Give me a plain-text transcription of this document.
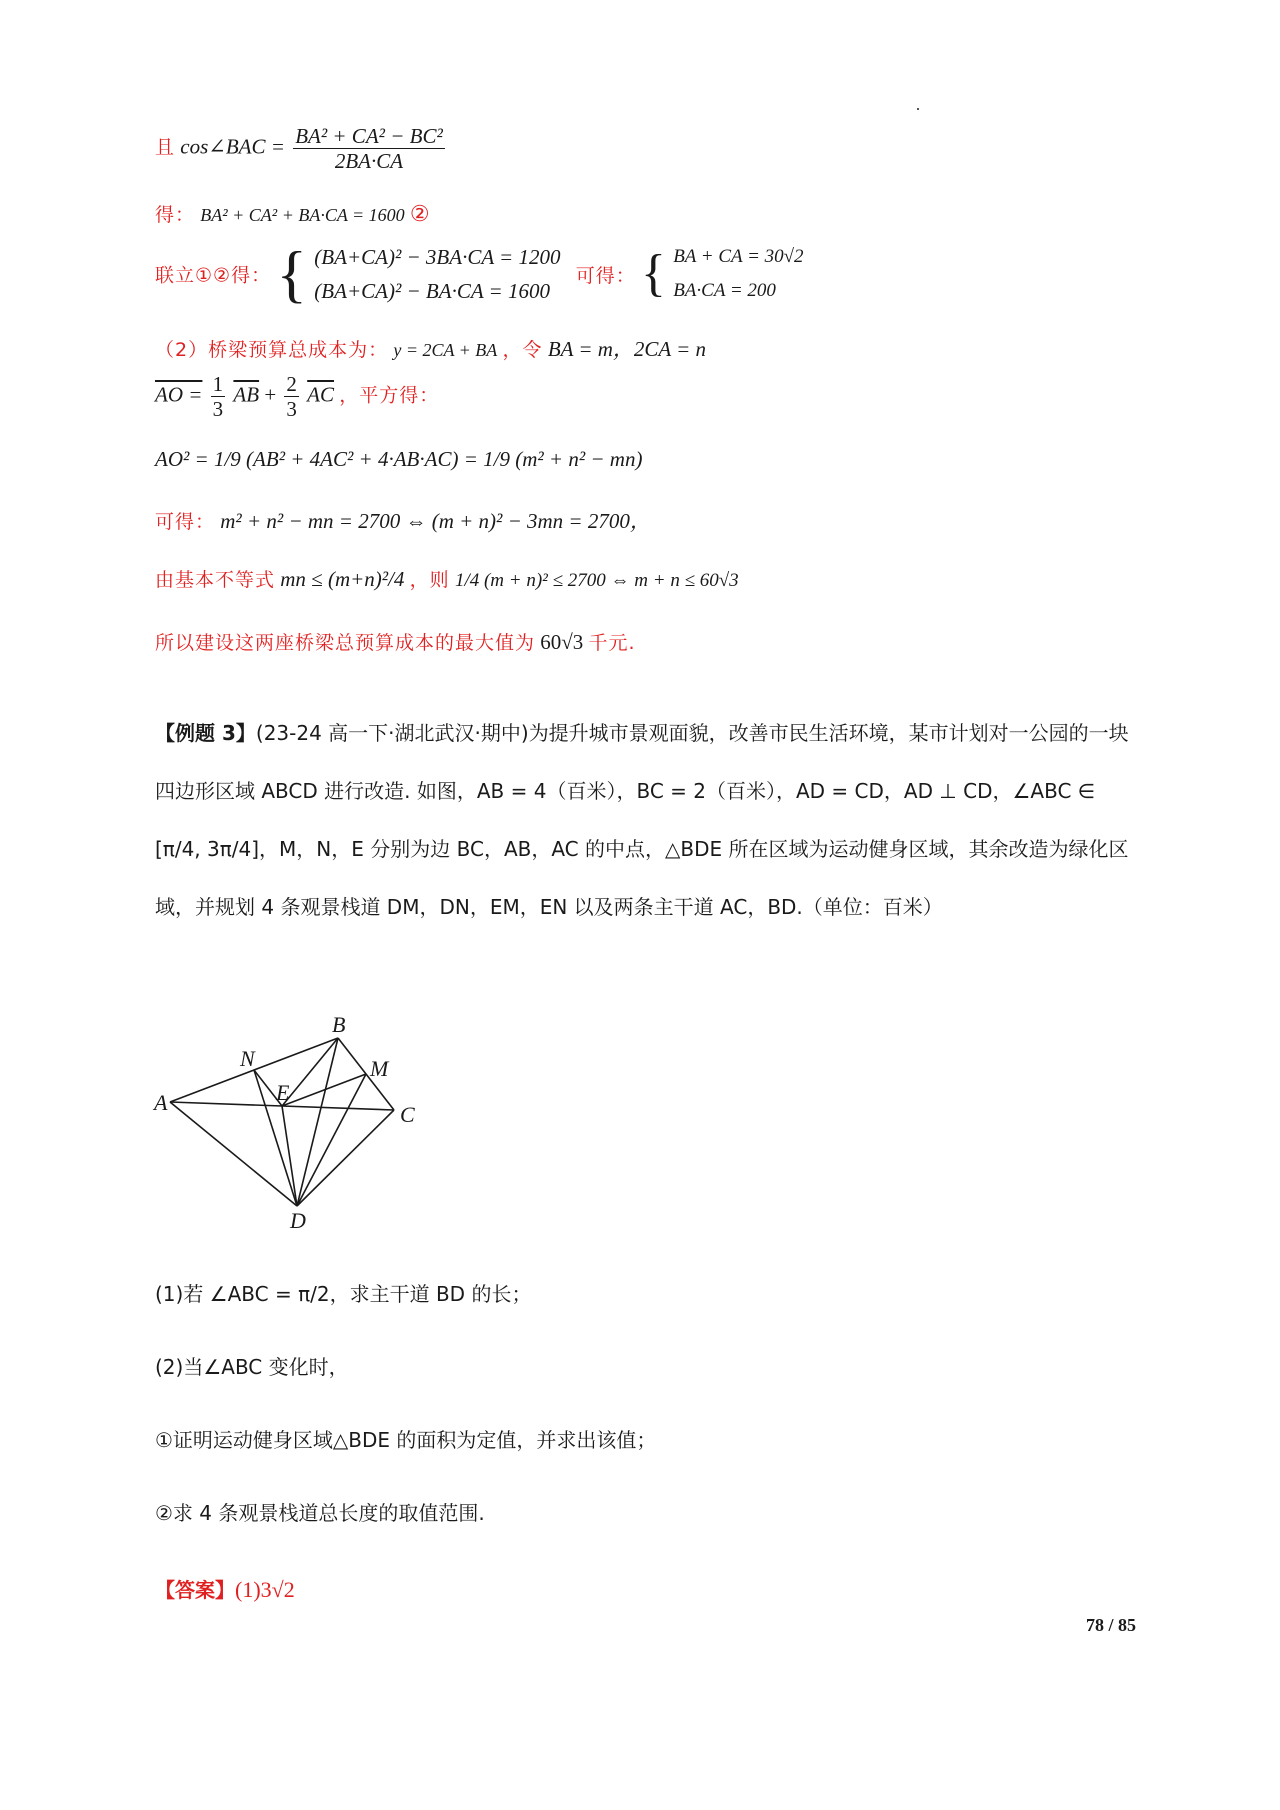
且 cos∠BAC = $\frac{\text{BA² + CA² − BC²}}{2BA\cdot CA}$
得： BA² + CA² + BA·CA = 1600 ②
联立①②得： { (BA+CA)² − 3BA·CA = 1200
(BA+CA)² − BA·CA = 1600
可得： { BA + CA = 30√2
BA·CA = 200
（2）桥梁预算总成本为： y = 2CA + BA ，令 BA = m，2CA = n
AO = $\frac{1}{3} \overline{AB} + \frac{2}{3} \overline{AC}$ ，平方得：
AO² = 1/9 (AB² + 4AC² + 4·AB·AC) = 1/9 (m² + n² − mn)
可得： m² + n² − mn = 2700 ⇔ (m + n)² − 3mn = 2700，
由基本不等式 mn ≤ (m+n)²/4 ，则 1/4 (m + n)² ≤ 2700 ⇔ m + n ≤ 60√3
所以建设这两座桥梁总预算成本的最大值为 60√3 千元.
【例题 3】(23-24 高一下·湖北武汉·期中)为提升城市景观面貌，改善市民生活环境，某市计划对一公园的一块四边形区域 ABCD 进行改造. 如图，AB = 4（百米），BC = 2（百米），AD = CD，AD ⊥ CD，∠ABC ∈ [π/4, 3π/4]，M，N，E 分别为边 BC，AB，AC 的中点，△BDE 所在区域为运动健身区域，其余改造为绿化区域，并规划 4 条观景栈道 DM，DN，EM，EN 以及两条主干道 AC，BD.（单位：百米）
A
B
C
D
E
M
N
(1)若 ∠ABC = π/2，求主干道 BD 的长；
(2)当∠ABC 变化时，
①证明运动健身区域△BDE 的面积为定值，并求出该值；
②求 4 条观景栈道总长度的取值范围.
【答案】(1)3√2
78 / 85
